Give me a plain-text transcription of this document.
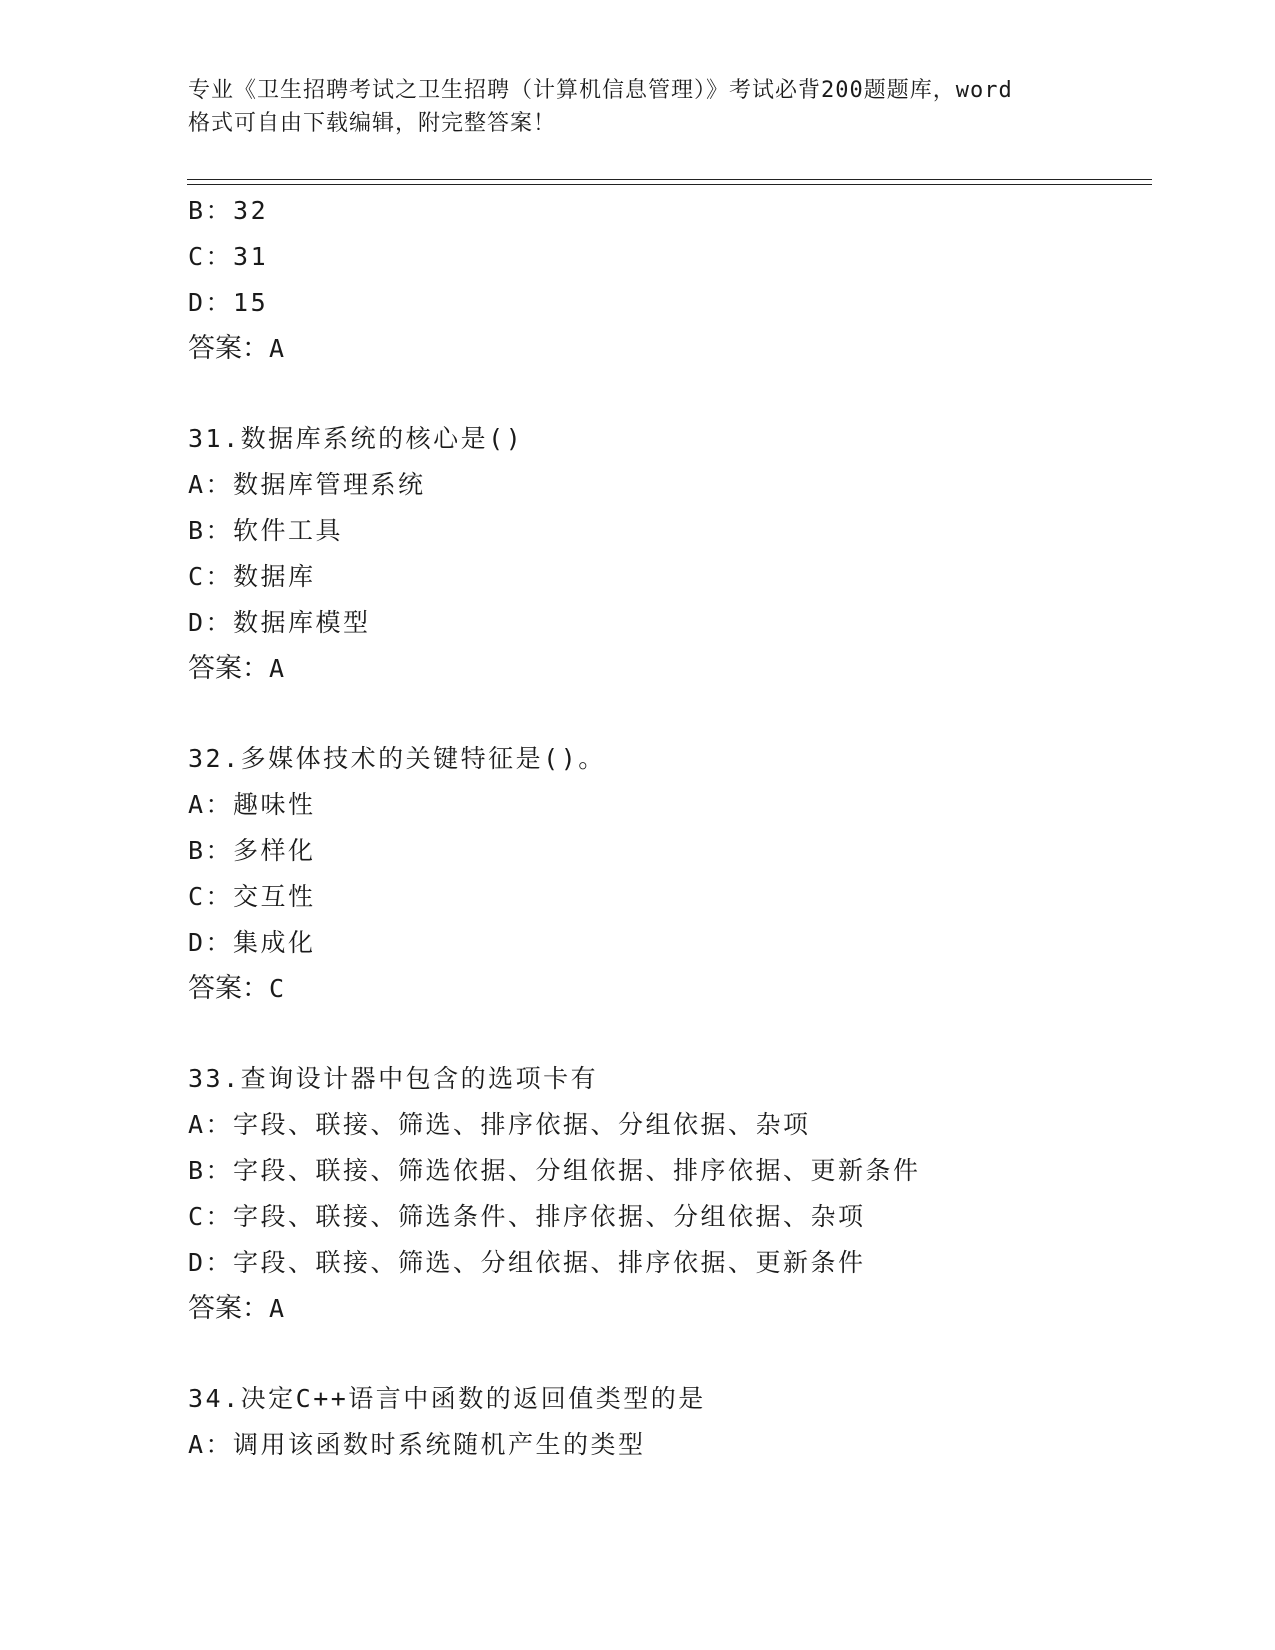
专业《卫生招聘考试之卫生招聘（计算机信息管理）》考试必背200题题库，word
格式可自由下载编辑，附完整答案！
B：32
C：31
D：15
答案：A
31.数据库系统的核心是()
A：数据库管理系统
B：软件工具
C：数据库
D：数据库模型
答案：A
32.多媒体技术的关键特征是()。
A：趣味性
B：多样化
C：交互性
D：集成化
答案：C
33.查询设计器中包含的选项卡有
A：字段、联接、筛选、排序依据、分组依据、杂项
B：字段、联接、筛选依据、分组依据、排序依据、更新条件
C：字段、联接、筛选条件、排序依据、分组依据、杂项
D：字段、联接、筛选、分组依据、排序依据、更新条件
答案：A
34.决定C++语言中函数的返回值类型的是
A：调用该函数时系统随机产生的类型
